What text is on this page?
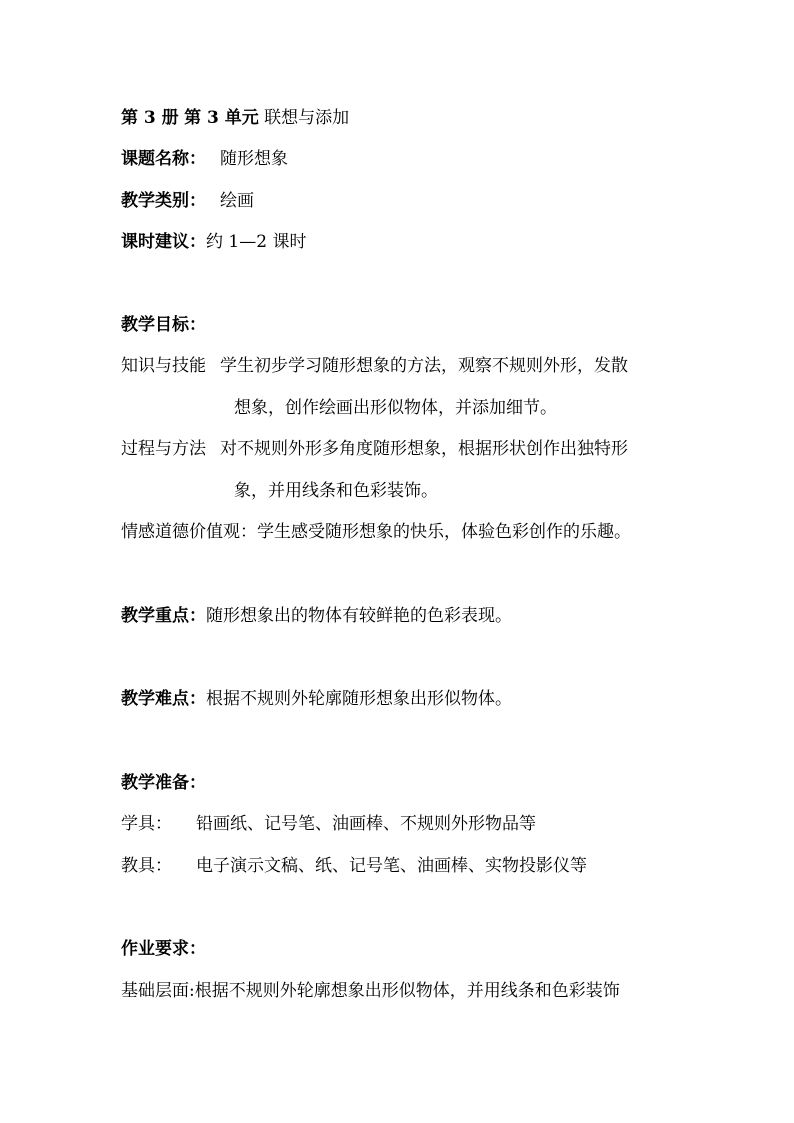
第 3 册 第 3 单元 联想与添加
课题名称： 随形想象
教学类别： 绘画
课时建议：约 1—2 课时
教学目标：
知识与技能 学生初步学习随形想象的方法，观察不规则外形，发散
想象，创作绘画出形似物体，并添加细节。
过程与方法 对不规则外形多角度随形想象，根据形状创作出独特形
象，并用线条和色彩装饰。
情感道德价值观：学生感受随形想象的快乐，体验色彩创作的乐趣。
教学重点：随形想象出的物体有较鲜艳的色彩表现。
教学难点：根据不规则外轮廓随形想象出形似物体。
教学准备：
学具： 铅画纸、记号笔、油画棒、不规则外形物品等
教具： 电子演示文稿、纸、记号笔、油画棒、实物投影仪等
作业要求：
基础层面:根据不规则外轮廓想象出形似物体，并用线条和色彩装饰
